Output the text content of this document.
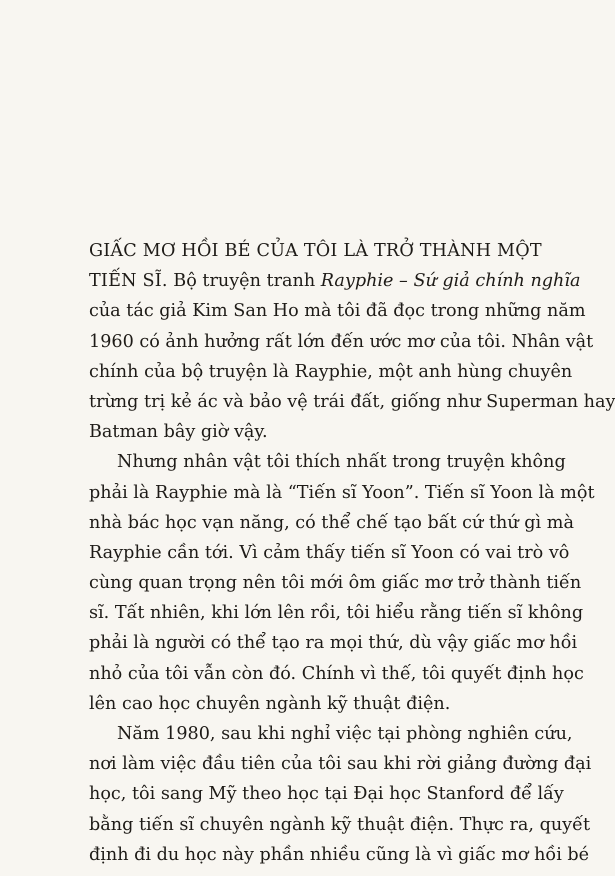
GIẤC MƠ HỒI BÉ CỦA TÔI LÀ TRỞ THÀNH MỘT
TIẾN SĨ. Bộ truyện tranh Rayphie – Sứ giả chính nghĩa
của tác giả Kim San Ho mà tôi đã đọc trong những năm
1960 có ảnh hưởng rất lớn đến ước mơ của tôi. Nhân vật
chính của bộ truyện là Rayphie, một anh hùng chuyên
trừng trị kẻ ác và bảo vệ trái đất, giống như Superman hay
Batman bây giờ vậy.
Nhưng nhân vật tôi thích nhất trong truyện không
phải là Rayphie mà là “Tiến sĩ Yoon”. Tiến sĩ Yoon là một
nhà bác học vạn năng, có thể chế tạo bất cứ thứ gì mà
Rayphie cần tới. Vì cảm thấy tiến sĩ Yoon có vai trò vô
cùng quan trọng nên tôi mới ôm giấc mơ trở thành tiến
sĩ. Tất nhiên, khi lớn lên rồi, tôi hiểu rằng tiến sĩ không
phải là người có thể tạo ra mọi thứ, dù vậy giấc mơ hồi
nhỏ của tôi vẫn còn đó. Chính vì thế, tôi quyết định học
lên cao học chuyên ngành kỹ thuật điện.
Năm 1980, sau khi nghỉ việc tại phòng nghiên cứu,
nơi làm việc đầu tiên của tôi sau khi rời giảng đường đại
học, tôi sang Mỹ theo học tại Đại học Stanford để lấy
bằng tiến sĩ chuyên ngành kỹ thuật điện. Thực ra, quyết
định đi du học này phần nhiều cũng là vì giấc mơ hồi bé
